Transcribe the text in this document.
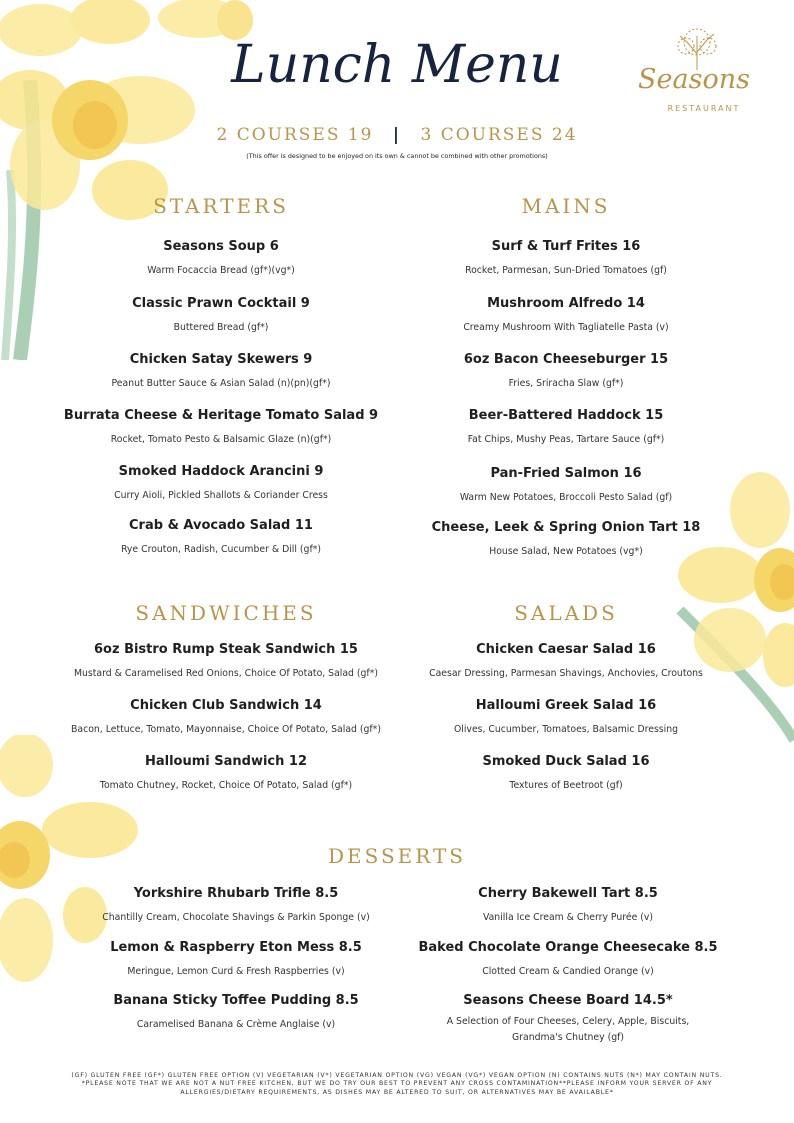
Lunch Menu
2 COURSES 19 | 3 COURSES 24
(This offer is designed to be enjoyed on its own & cannot be combined with other promotions)
Seasons
RESTAURANT
STARTERS

Seasons Soup 6

Warm Focaccia Bread (gf*)(vg*)

Classic Prawn Cocktail 9

Buttered Bread (gf*)

Chicken Satay Skewers 9

Peanut Butter Sauce & Asian Salad (n)(pn)(gf*)

Burrata Cheese & Heritage Tomato Salad 9

Rocket, Tomato Pesto & Balsamic Glaze (n)(gf*)

Smoked Haddock Arancini 9

Curry Aioli, Pickled Shallots & Coriander Cress

Crab & Avocado Salad 11

Rye Crouton, Radish, Cucumber & Dill (gf*)

MAINS

Surf & Turf Frites 16

Rocket, Parmesan, Sun-Dried Tomatoes (gf)

Mushroom Alfredo 14

Creamy Mushroom With Tagliatelle Pasta (v)

6oz Bacon Cheeseburger 15

Fries, Sriracha Slaw (gf*)

Beer-Battered Haddock 15

Fat Chips, Mushy Peas, Tartare Sauce (gf*)

Pan-Fried Salmon 16

Warm New Potatoes, Broccoli Pesto Salad (gf)

Cheese, Leek & Spring Onion Tart 18

House Salad, New Potatoes (vg*)

SANDWICHES

6oz Bistro Rump Steak Sandwich 15

Mustard & Caramelised Red Onions, Choice Of Potato, Salad (gf*)

Chicken Club Sandwich 14

Bacon, Lettuce, Tomato, Mayonnaise, Choice Of Potato, Salad (gf*)

Halloumi Sandwich 12

Tomato Chutney, Rocket, Choice Of Potato, Salad (gf*)

SALADS

Chicken Caesar Salad 16

Caesar Dressing, Parmesan Shavings, Anchovies, Croutons

Halloumi Greek Salad 16

Olives, Cucumber, Tomatoes, Balsamic Dressing

Smoked Duck Salad 16

Textures of Beetroot (gf)

DESSERTS

Yorkshire Rhubarb Trifle 8.5

Chantilly Cream, Chocolate Shavings & Parkin Sponge (v)

Lemon & Raspberry Eton Mess 8.5

Meringue, Lemon Curd & Fresh Raspberries (v)

Banana Sticky Toffee Pudding 8.5

Caramelised Banana & Crème Anglaise (v)

Cherry Bakewell Tart 8.5

Vanilla Ice Cream & Cherry Purée (v)

Baked Chocolate Orange Cheesecake 8.5

Clotted Cream & Candied Orange (v)

Seasons Cheese Board 14.5*

A Selection of Four Cheeses, Celery, Apple, Biscuits, Grandma's Chutney (gf)

(GF) GLUTEN FREE (GF*) GLUTEN FREE OPTION (V) VEGETARIAN (V*) VEGETARIAN OPTION (VG) VEGAN (VG*) VEGAN OPTION (N) CONTAINS NUTS (N*) MAY CONTAIN NUTS. *PLEASE NOTE THAT WE ARE NOT A NUT FREE KITCHEN, BUT WE DO TRY OUR BEST TO PREVENT ANY CROSS CONTAMINATION**PLEASE INFORM YOUR SERVER OF ANY ALLERGIES/DIETARY REQUIREMENTS, AS DISHES MAY BE ALTERED TO SUIT, OR ALTERNATIVES MAY BE AVAILABLE*
